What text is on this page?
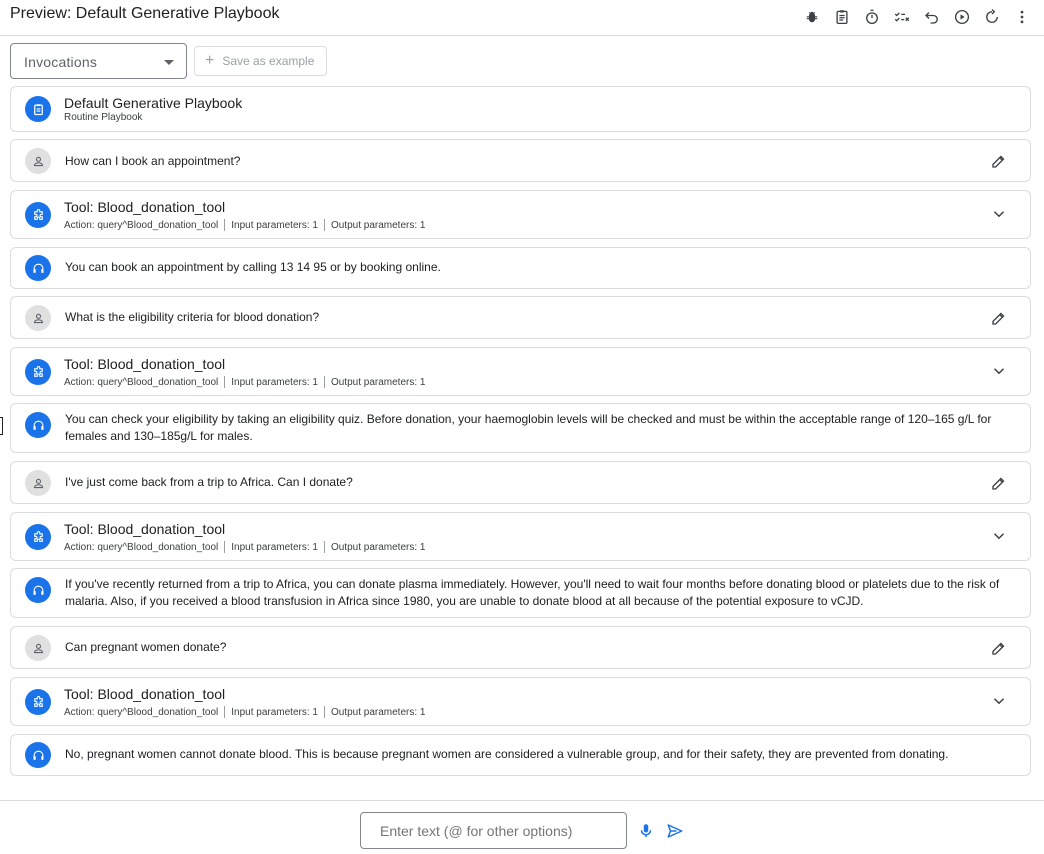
Preview: Default Generative Playbook
Invocations	+ Save as example
Default Generative Playbook
Routine Playbook
How can I book an appointment?
Tool: Blood_donation_tool
Action: query^Blood_donation_tool Input parameters: 1 Output parameters: 1
You can book an appointment by calling 13 14 95 or by booking online.
What is the eligibility criteria for blood donation?
Tool: Blood_donation_tool
Action: query^Blood_donation_tool Input parameters: 1 Output parameters: 1
You can check your eligibility by taking an eligibility quiz. Before donation, your haemoglobin levels will be checked and must be within the acceptable range of 120–165 g/L for females and 130–185g/L for males.
I've just come back from a trip to Africa. Can I donate?
Tool: Blood_donation_tool
Action: query^Blood_donation_tool Input parameters: 1 Output parameters: 1
If you've recently returned from a trip to Africa, you can donate plasma immediately. However, you'll need to wait four months before donating blood or platelets due to the risk of malaria. Also, if you received a blood transfusion in Africa since 1980, you are unable to donate blood at all because of the potential exposure to vCJD.
Can pregnant women donate?
Tool: Blood_donation_tool
Action: query^Blood_donation_tool Input parameters: 1 Output parameters: 1
No, pregnant women cannot donate blood. This is because pregnant women are considered a vulnerable group, and for their safety, they are prevented from donating.
Enter text (@ for other options)
